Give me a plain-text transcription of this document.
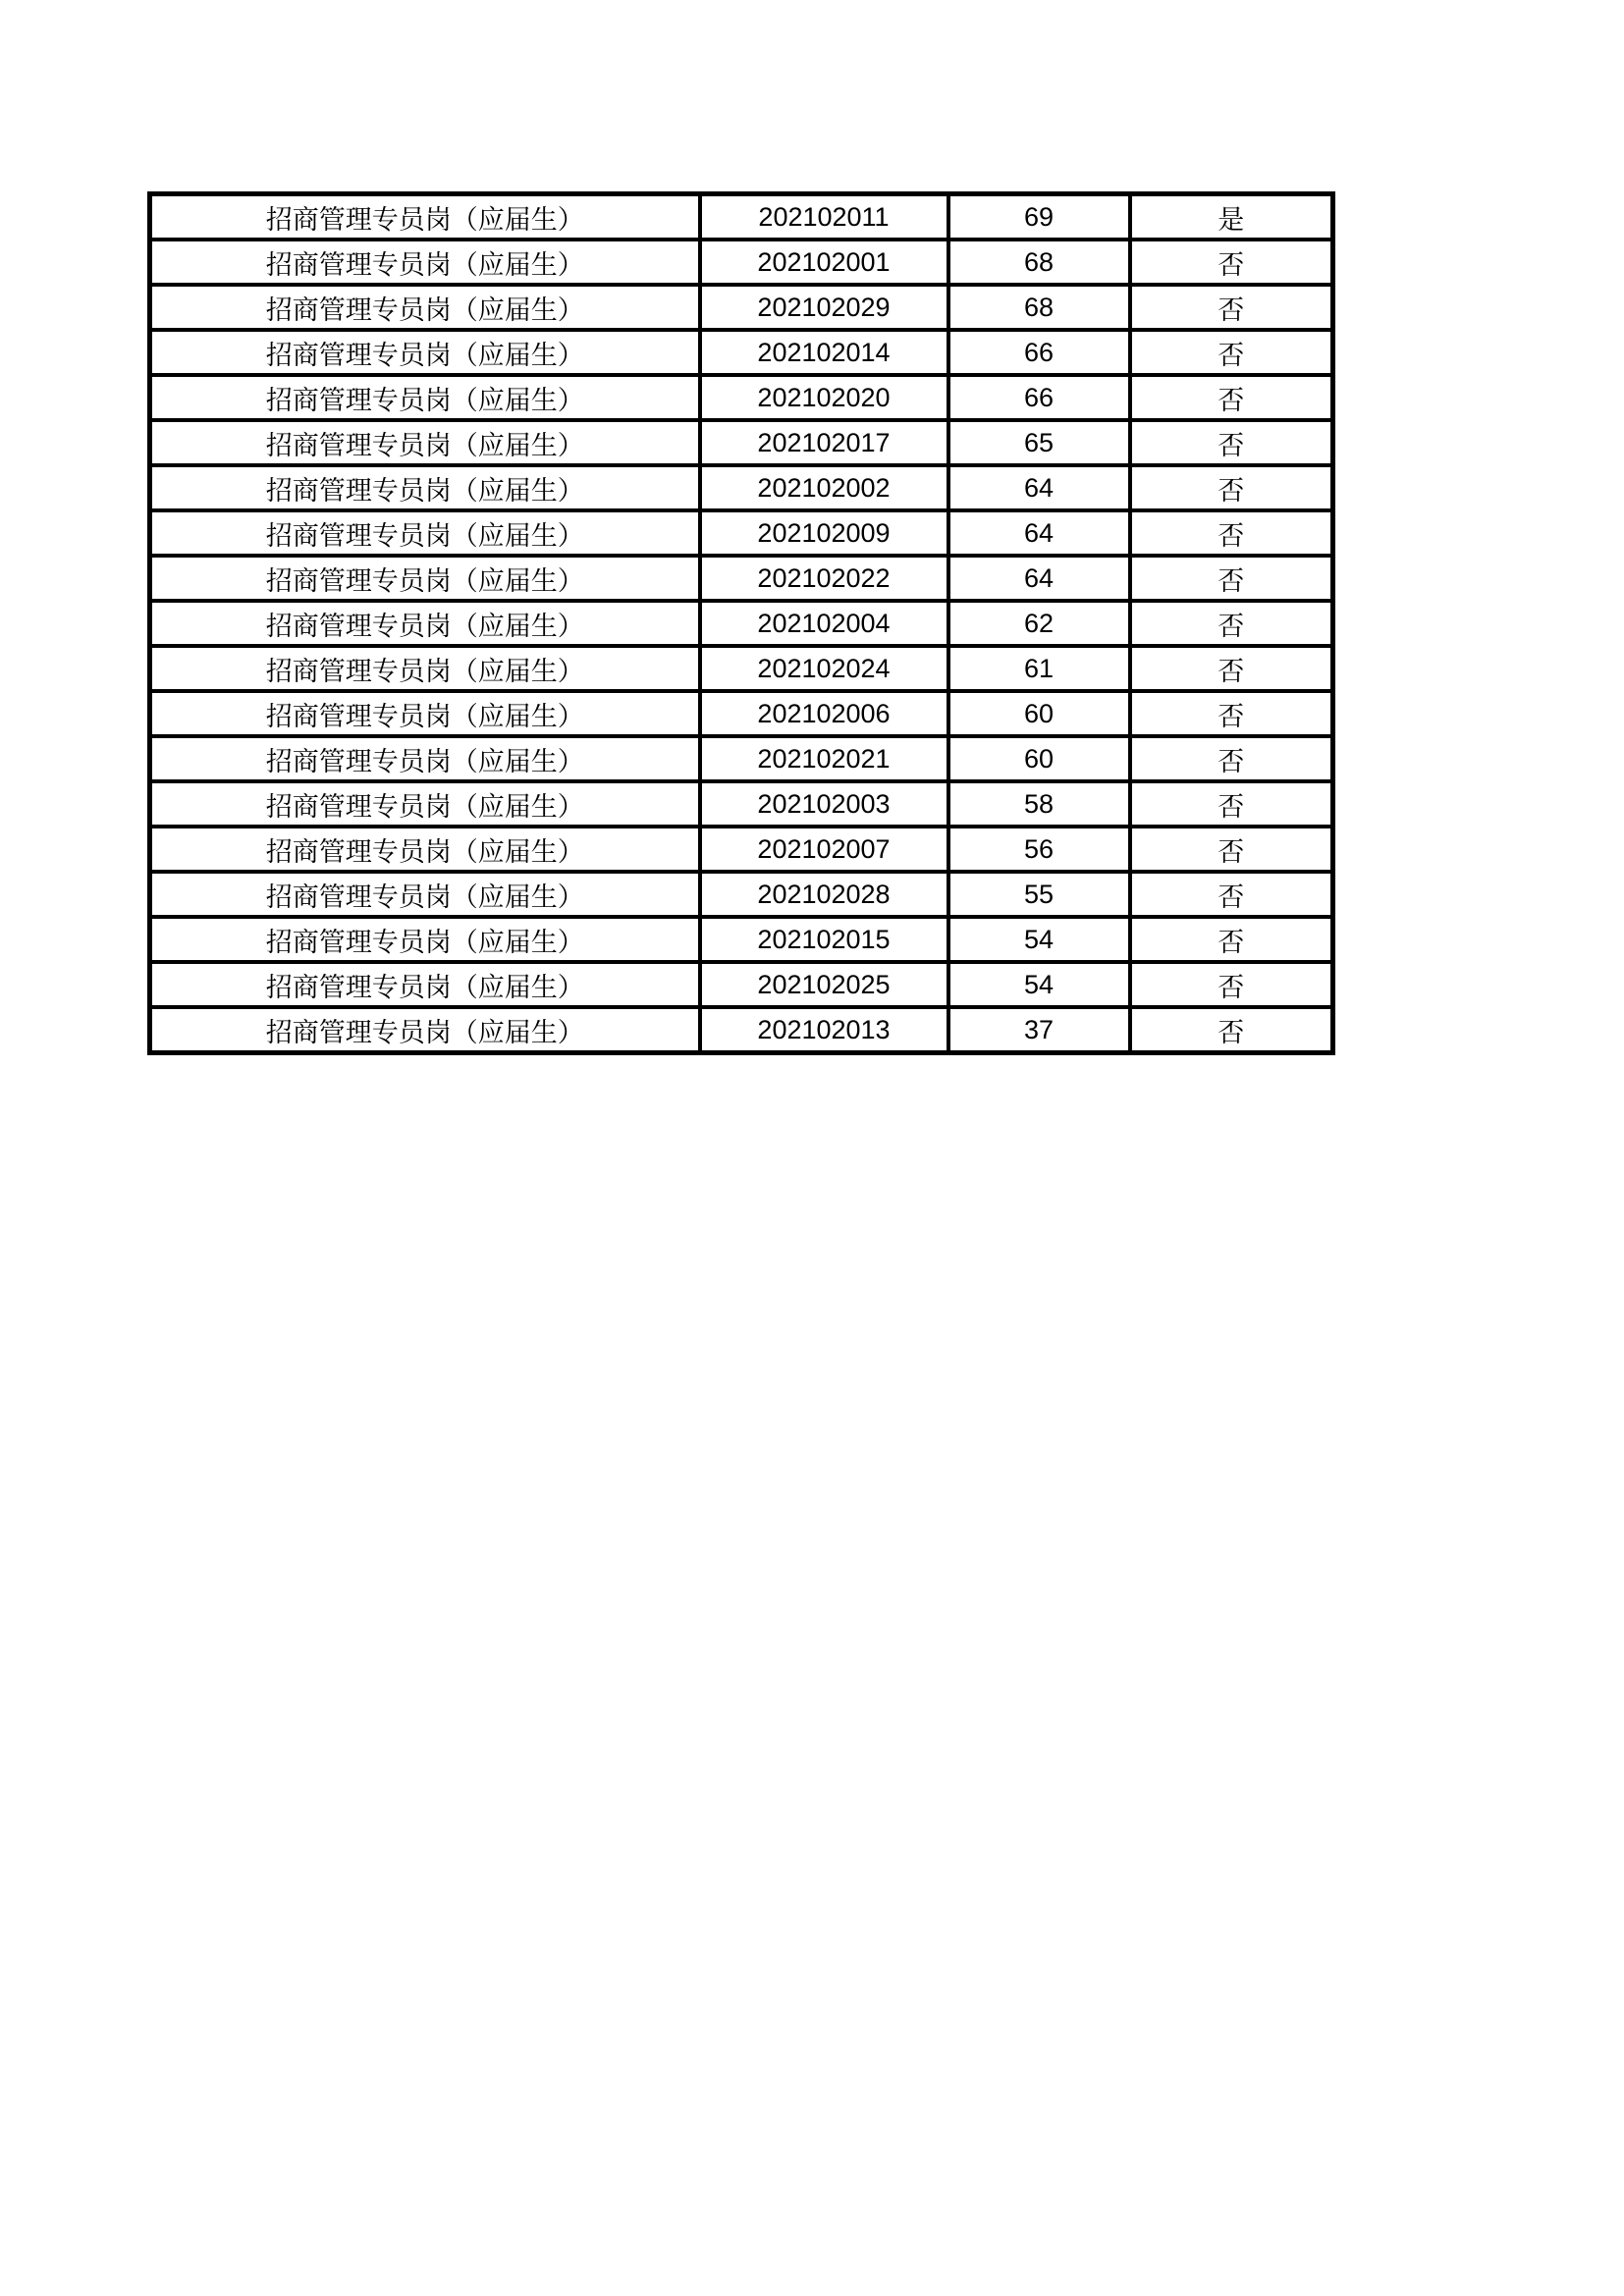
招商管理专员岗（应届生）	202102011	69	是
招商管理专员岗（应届生）	202102001	68	否
招商管理专员岗（应届生）	202102029	68	否
招商管理专员岗（应届生）	202102014	66	否
招商管理专员岗（应届生）	202102020	66	否
招商管理专员岗（应届生）	202102017	65	否
招商管理专员岗（应届生）	202102002	64	否
招商管理专员岗（应届生）	202102009	64	否
招商管理专员岗（应届生）	202102022	64	否
招商管理专员岗（应届生）	202102004	62	否
招商管理专员岗（应届生）	202102024	61	否
招商管理专员岗（应届生）	202102006	60	否
招商管理专员岗（应届生）	202102021	60	否
招商管理专员岗（应届生）	202102003	58	否
招商管理专员岗（应届生）	202102007	56	否
招商管理专员岗（应届生）	202102028	55	否
招商管理专员岗（应届生）	202102015	54	否
招商管理专员岗（应届生）	202102025	54	否
招商管理专员岗（应届生）	202102013	37	否
